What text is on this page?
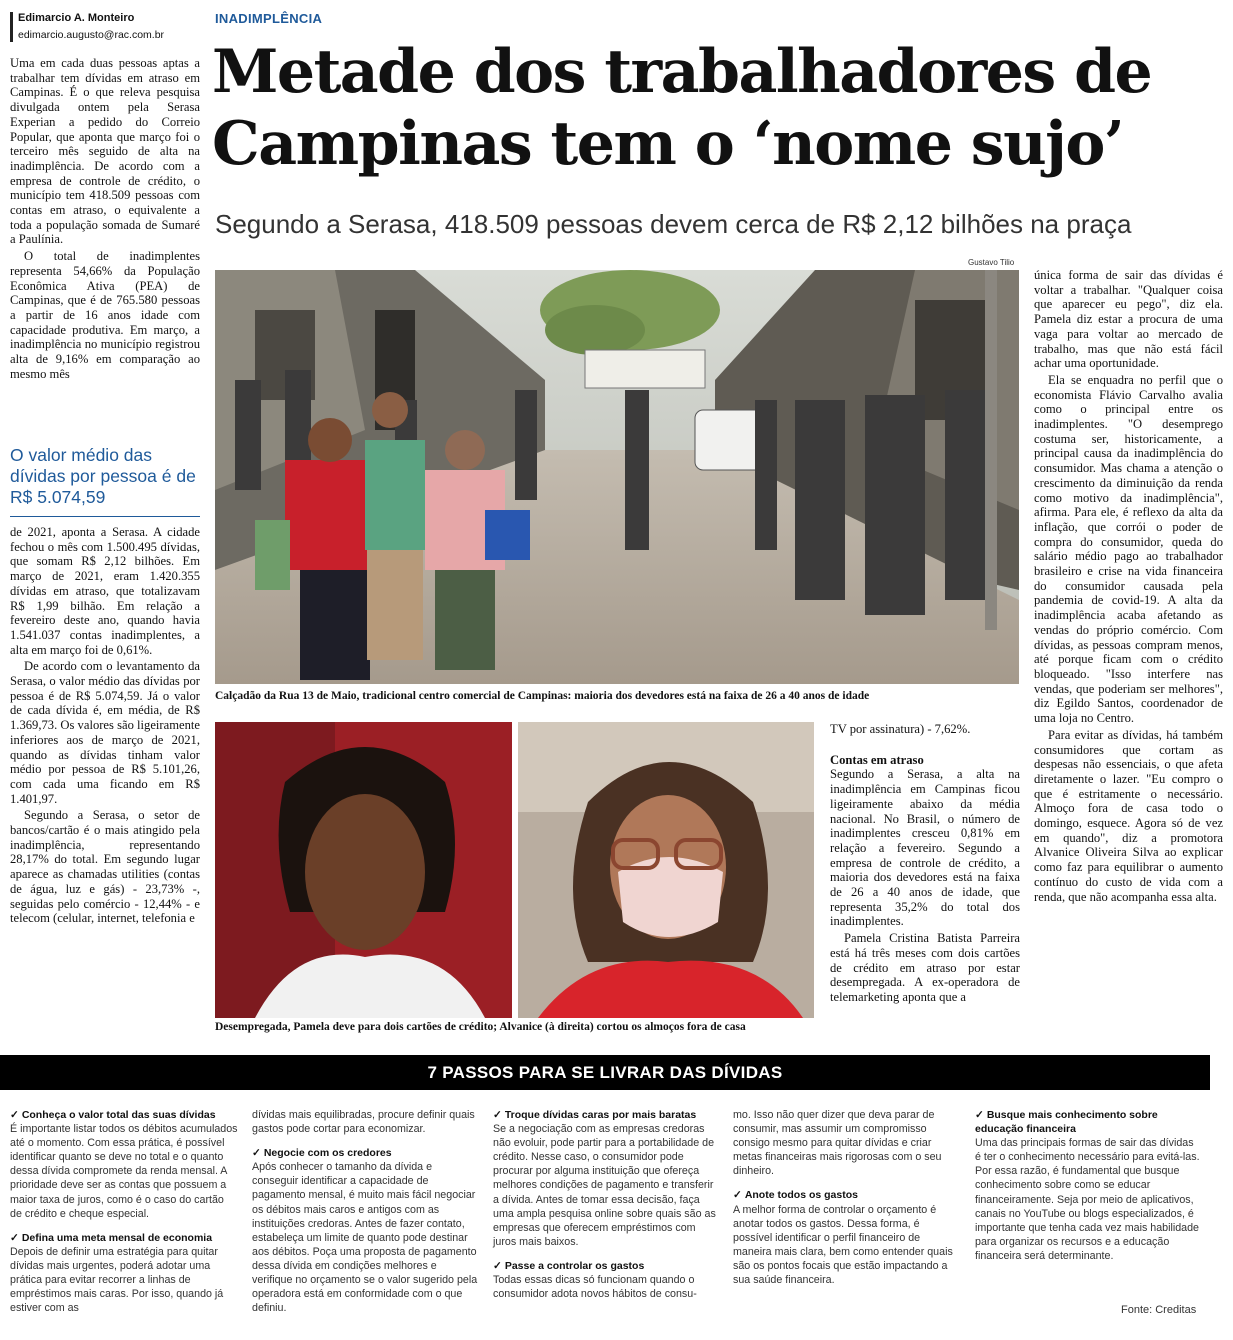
Edimarcio A. Monteiro
edimarcio.augusto@rac.com.br
INADIMPLÊNCIA
Metade dos trabalhadores de Campinas tem o ‘nome sujo’
Segundo a Serasa, 418.509 pessoas devem cerca de R$ 2,12 bilhões na praça

Uma em cada duas pessoas aptas a trabalhar tem dívidas em atraso em Campinas. É o que releva pesquisa divulgada ontem pela Serasa Experian a pedido do Correio Popular, que aponta que março foi o terceiro mês seguido de alta na inadimplência. De acordo com a empresa de controle de crédito, o município tem 418.509 pessoas com contas em atraso, o equivalente a toda a população somada de Sumaré a Paulínia.

O total de inadimplentes representa 54,66% da População Econômica Ativa (PEA) de Campinas, que é de 765.580 pessoas a partir de 16 anos idade com capacidade produtiva. Em março, a inadimplência no município registrou alta de 9,16% em comparação ao mesmo mês

O valor médio das dívidas por pessoa é de R$ 5.074,59

de 2021, aponta a Serasa. A cidade fechou o mês com 1.500.495 dívidas, que somam R$ 2,12 bilhões. Em março de 2021, eram 1.420.355 dívidas em atraso, que totalizavam R$ 1,99 bilhão. Em relação a fevereiro deste ano, quando havia 1.541.037 contas inadimplentes, a alta em março foi de 0,61%.

De acordo com o levantamento da Serasa, o valor médio das dívidas por pessoa é de R$ 5.074,59. Já o valor de cada dívida é, em média, de R$ 1.369,73. Os valores são ligeiramente inferiores aos de março de 2021, quando as dívidas tinham valor médio por pessoa de R$ 5.101,26, com cada uma ficando em R$ 1.401,97.

Segundo a Serasa, o setor de bancos/cartão é o mais atingido pela inadimplência, representando 28,17% do total. Em segundo lugar aparece as chamadas utilities (contas de água, luz e gás) - 23,73% -, seguidas pelo comércio - 12,44% - e telecom (celular, internet, telefonia e

Gustavo Tilio
Calçadão da Rua 13 de Maio, tradicional centro comercial de Campinas: maioria dos devedores está na faixa de 26 a 40 anos de idade
Desempregada, Pamela deve para dois cartões de crédito; Alvanice (à direita) cortou os almoços fora de casa

TV por assinatura) - 7,62%.

Contas em atraso

Segundo a Serasa, a alta na inadimplência em Campinas ficou ligeiramente abaixo da média nacional. No Brasil, o número de inadimplentes cresceu 0,81% em relação a fevereiro. Segundo a empresa de controle de crédito, a maioria dos devedores está na faixa de 26 a 40 anos de idade, que representa 35,2% do total dos inadimplentes.

Pamela Cristina Batista Parreira está há três meses com dois cartões de crédito em atraso por estar desempregada. A ex-operadora de telemarketing aponta que a

única forma de sair das dívidas é voltar a trabalhar. "Qualquer coisa que aparecer eu pego", diz ela. Pamela diz estar a procura de uma vaga para voltar ao mercado de trabalho, mas que não está fácil achar uma oportunidade.

Ela se enquadra no perfil que o economista Flávio Carvalho avalia como o principal entre os inadimplentes. "O desemprego costuma ser, historicamente, a principal causa da inadimplência do consumidor. Mas chama a atenção o crescimento da diminuição da renda como motivo da inadimplência", afirma. Para ele, é reflexo da alta da inflação, que corrói o poder de compra do consumidor, queda do salário médio pago ao trabalhador brasileiro e crise na vida financeira do consumidor causada pela pandemia de covid-19. A alta da inadimplência acaba afetando as vendas do próprio comércio. Com dívidas, as pessoas compram menos, até porque ficam com o crédito bloqueado. "Isso interfere nas vendas, que poderiam ser melhores", diz Egildo Santos, coordenador de uma loja no Centro.

Para evitar as dívidas, há também consumidores que cortam as despesas não essenciais, o que afeta diretamente o lazer. "Eu compro o que é estritamente o necessário. Almoço fora de casa todo o domingo, esquece. Agora só de vez em quando", diz a promotora Alvanice Oliveira Silva ao explicar como faz para equilibrar o aumento contínuo do custo de vida com a renda, que não acompanha essa alta.

7 PASSOS PARA SE LIVRAR DAS DÍVIDAS
✓ Conheça o valor total das suas dívidas

É importante listar todos os débitos acumulados até o momento. Com essa prática, é possível identificar quanto se deve no total e o quanto dessa dívida compromete da renda mensal. A prioridade deve ser as contas que possuem a maior taxa de juros, como é o caso do cartão de crédito e cheque especial.

✓ Defina uma meta mensal de economia

Depois de definir uma estratégia para quitar dívidas mais urgentes, poderá adotar uma prática para evitar recorrer a linhas de empréstimos mais caras. Por isso, quando já estiver com as

dívidas mais equilibradas, procure definir quais gastos pode cortar para economizar.

✓ Negocie com os credores

Após conhecer o tamanho da dívida e conseguir identificar a capacidade de pagamento mensal, é muito mais fácil negociar os débitos mais caros e antigos com as instituições credoras. Antes de fazer contato, estabeleça um limite de quanto pode destinar aos débitos. Poça uma proposta de pagamento dessa dívida em condições melhores e verifique no orçamento se o valor sugerido pela operadora está em conformidade com o que definiu.

✓ Troque dívidas caras por mais baratas

Se a negociação com as empresas credoras não evoluir, pode partir para a portabilidade de crédito. Nesse caso, o consumidor pode procurar por alguma instituição que ofereça melhores condições de pagamento e transferir a dívida. Antes de tomar essa decisão, faça uma ampla pesquisa online sobre quais são as empresas que oferecem empréstimos com juros mais baixos.

✓ Passe a controlar os gastos

Todas essas dicas só funcionam quando o consumidor adota novos hábitos de consu-

mo. Isso não quer dizer que deva parar de consumir, mas assumir um compromisso consigo mesmo para quitar dívidas e criar metas financeiras mais rigorosas com o seu dinheiro.

✓ Anote todos os gastos

A melhor forma de controlar o orçamento é anotar todos os gastos. Dessa forma, é possível identificar o perfil financeiro de maneira mais clara, bem como entender quais são os pontos focais que estão impactando a sua saúde financeira.

✓ Busque mais conhecimento sobre educação financeira

Uma das principais formas de sair das dívidas é ter o conhecimento necessário para evitá-las. Por essa razão, é fundamental que busque conhecimento sobre como se educar financeiramente. Seja por meio de aplicativos, canais no YouTube ou blogs especializados, é importante que tenha cada vez mais habilidade para organizar os recursos e a educação financeira será determinante.

Fonte: Creditas
